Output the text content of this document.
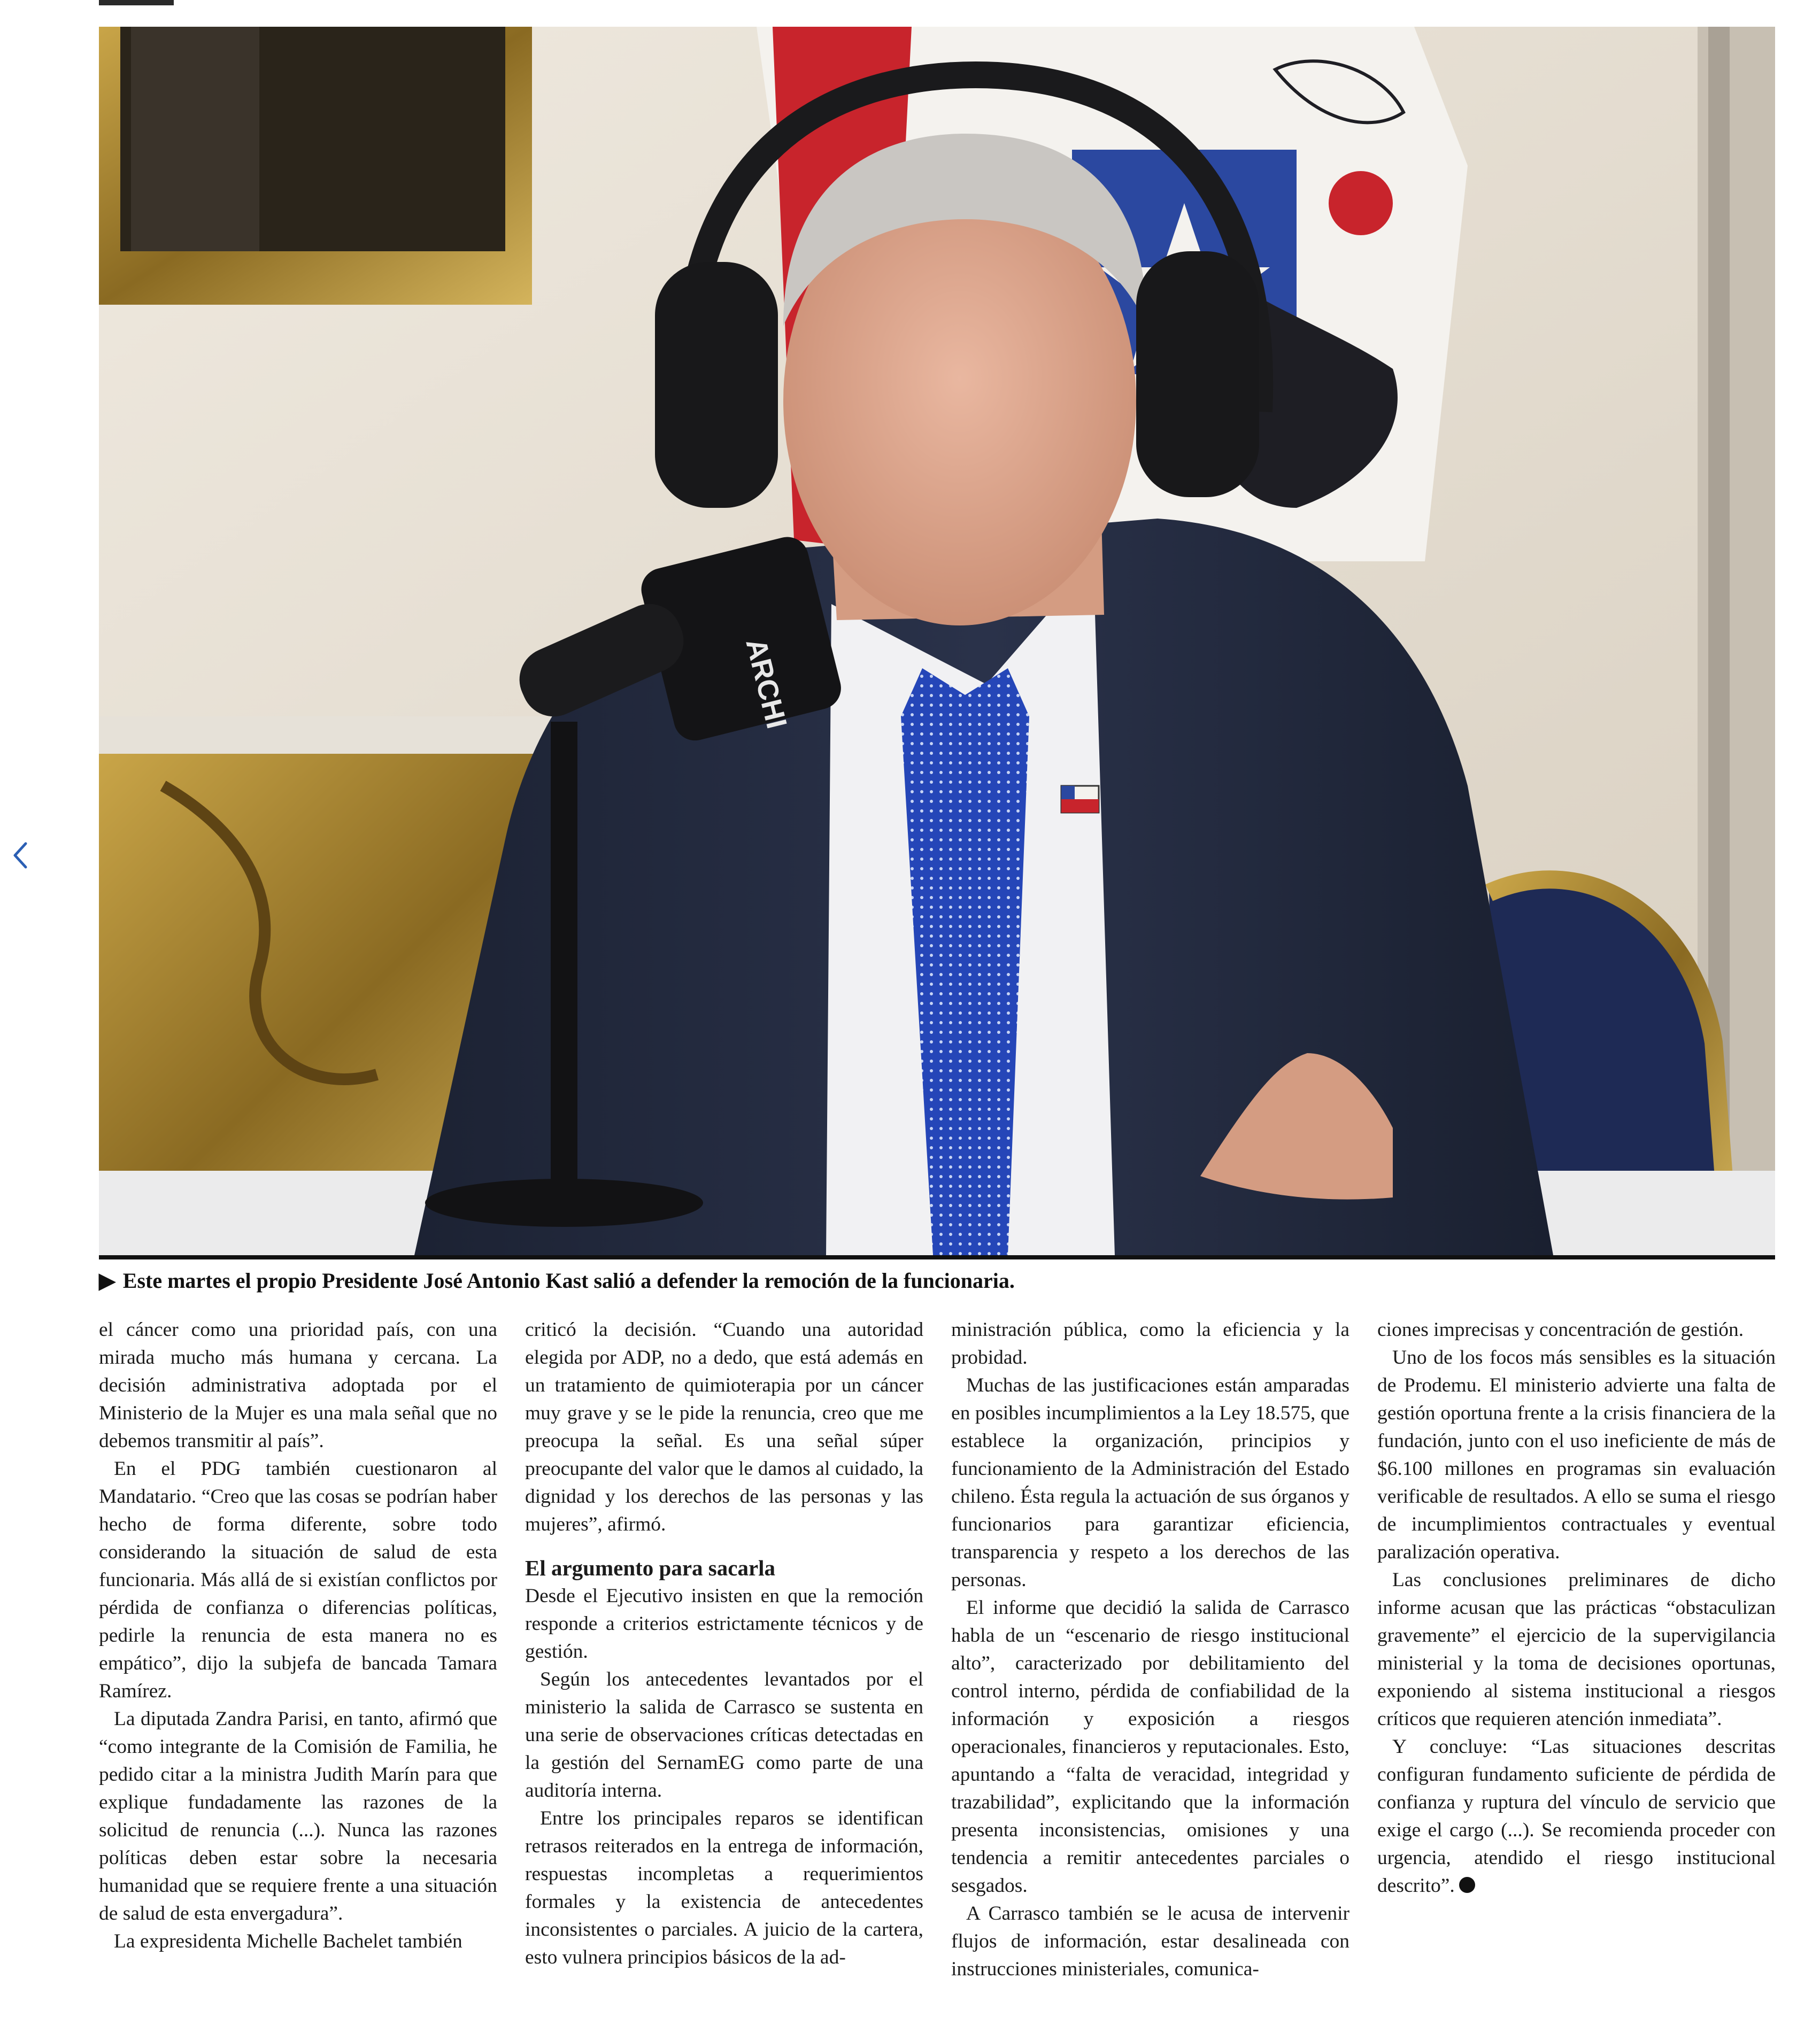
ARCHI
▶ Este martes el propio Presidente José Antonio Kast salió a defender la remoción de la funcionaria.

el cáncer como una prioridad país, con una mirada mucho más humana y cercana. La decisión administrativa adoptada por el Ministerio de la Mujer es una mala señal que no debemos transmitir al país”.

En el PDG también cuestionaron al Mandatario. “Creo que las cosas se podrían haber hecho de forma diferente, sobre todo considerando la situación de salud de esta funcionaria. Más allá de si existían conflictos por pérdida de confianza o diferencias políticas, pedirle la renuncia de esta manera no es empático”, dijo la subjefa de bancada Tamara Ramírez.

La diputada Zandra Parisi, en tanto, afirmó que “como integrante de la Comisión de Familia, he pedido citar a la ministra Judith Marín para que explique fundadamente las razones de la solicitud de renuncia (...). Nunca las razones políticas deben estar sobre la necesaria humanidad que se requiere frente a una situación de salud de esta envergadura”.

La expresidenta Michelle Bachelet también

criticó la decisión. “Cuando una autoridad elegida por ADP, no a dedo, que está además en un tratamiento de quimioterapia por un cáncer muy grave y se le pide la renuncia, creo que me preocupa la señal. Es una señal súper preocupante del valor que le damos al cuidado, la dignidad y los derechos de las personas y las mujeres”, afirmó.

El argumento para sacarla

Desde el Ejecutivo insisten en que la remoción responde a criterios estrictamente técnicos y de gestión.

Según los antecedentes levantados por el ministerio la salida de Carrasco se sustenta en una serie de observaciones críticas detectadas en la gestión del SernamEG como parte de una auditoría interna.

Entre los principales reparos se identifican retrasos reiterados en la entrega de información, respuestas incompletas a requerimientos formales y la existencia de antecedentes inconsistentes o parciales. A juicio de la cartera, esto vulnera principios básicos de la ad-

ministración pública, como la eficiencia y la probidad.

Muchas de las justificaciones están amparadas en posibles incumplimientos a la Ley 18.575, que establece la organización, principios y funcionamiento de la Administración del Estado chileno. Ésta regula la actuación de sus órganos y funcionarios para garantizar eficiencia, transparencia y respeto a los derechos de las personas.

El informe que decidió la salida de Carrasco habla de un “escenario de riesgo institucional alto”, caracterizado por debilitamiento del control interno, pérdida de confiabilidad de la información y exposición a riesgos operacionales, financieros y reputacionales. Esto, apuntando a “falta de veracidad, integridad y trazabilidad”, explicitando que la información presenta inconsistencias, omisiones y una tendencia a remitir antecedentes parciales o sesgados.

A Carrasco también se le acusa de intervenir flujos de información, estar desalineada con instrucciones ministeriales, comunica-

ciones imprecisas y concentración de gestión.

Uno de los focos más sensibles es la situación de Prodemu. El ministerio advierte una falta de gestión oportuna frente a la crisis financiera de la fundación, junto con el uso ineficiente de más de $6.100 millones en programas sin evaluación verificable de resultados. A ello se suma el riesgo de incumplimientos contractuales y eventual paralización operativa.

Las conclusiones preliminares de dicho informe acusan que las prácticas “obstaculizan gravemente” el ejercicio de la supervigilancia ministerial y la toma de decisiones oportunas, exponiendo al sistema institucional a riesgos críticos que requieren atención inmediata”.

Y concluye: “Las situaciones descritas configuran fundamento suficiente de pérdida de confianza y ruptura del vínculo de servicio que exige el cargo (...). Se recomienda proceder con urgencia, atendido el riesgo institucional descrito”.
